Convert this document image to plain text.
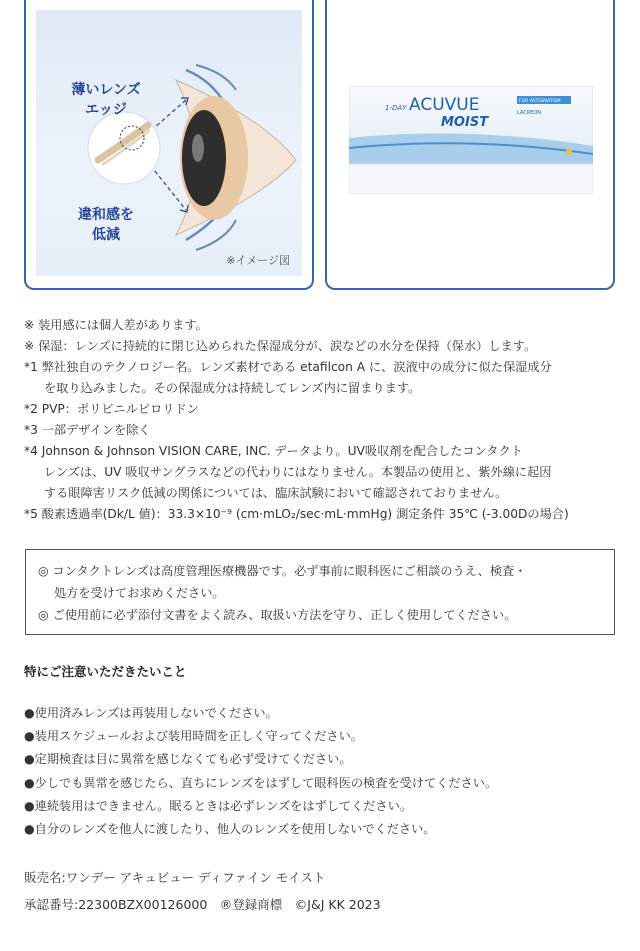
薄いレンズ
エッジ
違和感を
低減
※イメージ図
1-DAY ACUVUE
MOIST
FOR ASTIGMATISM
LACREON
※
装用感には個人差があります。
※
保湿：レンズに持続的に閉じ込められた保湿成分が、涙などの水分を保持（保水）します。
*1
弊社独自のテクノロジー名。レンズ素材である etafilcon A に、涙液中の成分に似た保湿成分
を取り込みました。その保湿成分は持続してレンズ内に留まります。
*2
PVP：ポリビニルピロリドン
*3
一部デザインを除く
*4
Johnson & Johnson VISION CARE, INC. データより。UV吸収剤を配合したコンタクト
レンズは、UV 吸収サングラスなどの代わりにはなりません。本製品の使用と、紫外線に起因
する眼障害リスク低減の関係については、臨床試験において確認されておりません。
*5
酸素透過率(Dk/L 値)：33.3×10⁻⁹ (cm·mLO₂/sec·mL·mmHg) 測定条件 35℃ (-3.00Dの場合)
◎ コンタクトレンズは高度管理医療機器です。必ず事前に眼科医にご相談のうえ、検査・
処方を受けてお求めください。
◎ ご使用前に必ず添付文書をよく読み、取扱い方法を守り、正しく使用してください。
特にご注意いただきたいこと
●使用済みレンズは再装用しないでください。
●装用スケジュールおよび装用時間を正しく守ってください。
●定期検査は目に異常を感じなくても必ず受けてください。
●少しでも異常を感じたら、直ちにレンズをはずして眼科医の検査を受けてください。
●連続装用はできません。眠るときは必ずレンズをはずしてください。
●自分のレンズを他人に渡したり、他人のレンズを使用しないでください。
販売名:ワンデー アキュビュー ディファイン モイスト
承認番号:22300BZX00126000　®登録商標　©J&J KK 2023
